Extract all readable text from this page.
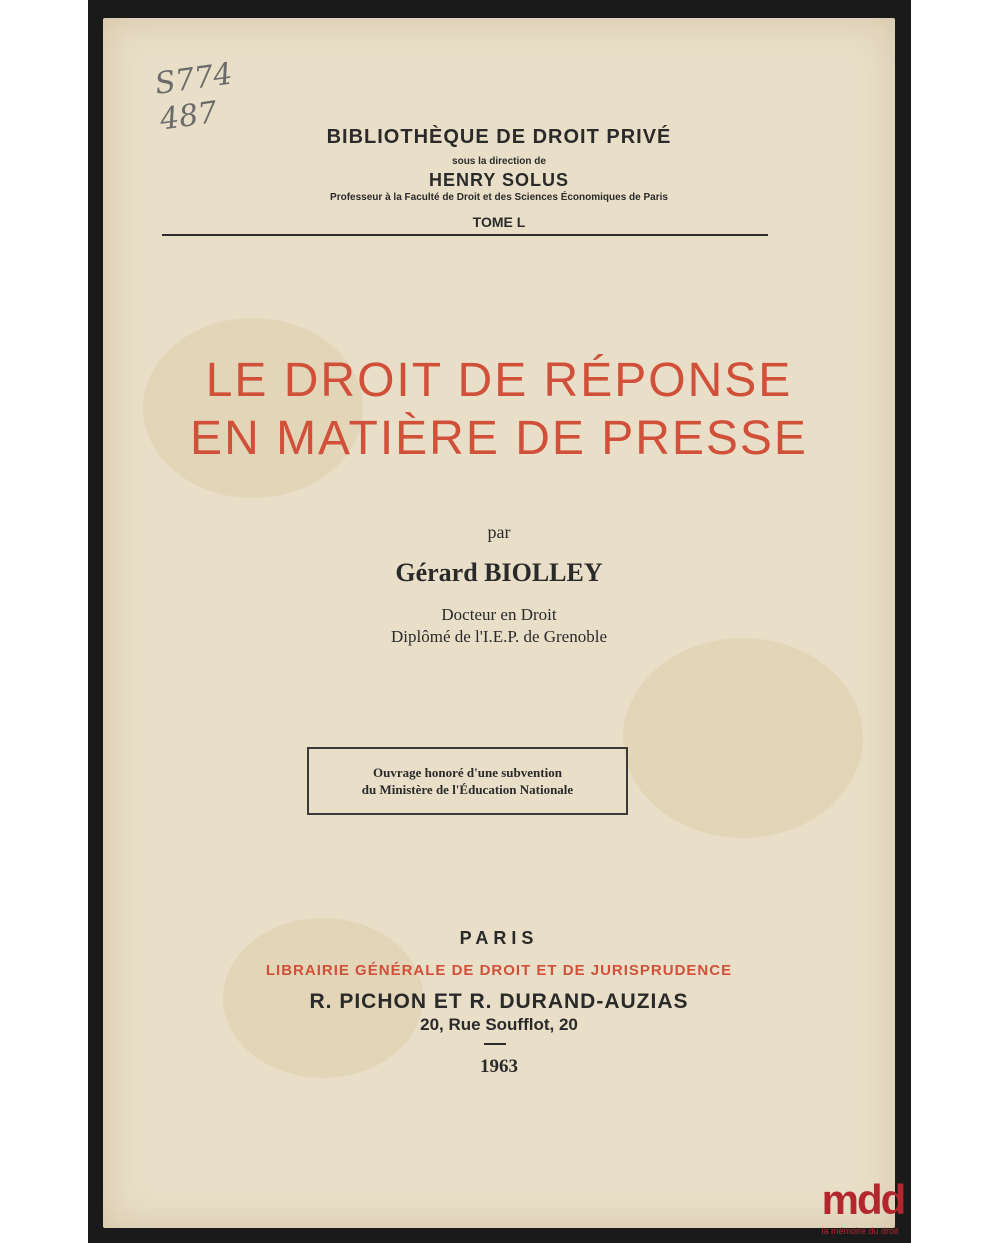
S774
487	BIBLIOTHÈQUE DE DROIT PRIVÉ
sous la direction de
HENRY SOLUS
Professeur à la Faculté de Droit et des Sciences Économiques de Paris
TOME L
LE DROIT DE RÉPONSE
EN MATIÈRE DE PRESSE
par
Gérard BIOLLEY
Docteur en Droit
Diplômé de l'I.E.P. de Grenoble
Ouvrage honoré d'une subvention
du Ministère de l'Éducation Nationale
PARIS
LIBRAIRIE GÉNÉRALE DE DROIT ET DE JURISPRUDENCE
R. PICHON ET R. DURAND-AUZIAS
20, Rue Soufflot, 20
1963
mdd
la mémoire du droit
